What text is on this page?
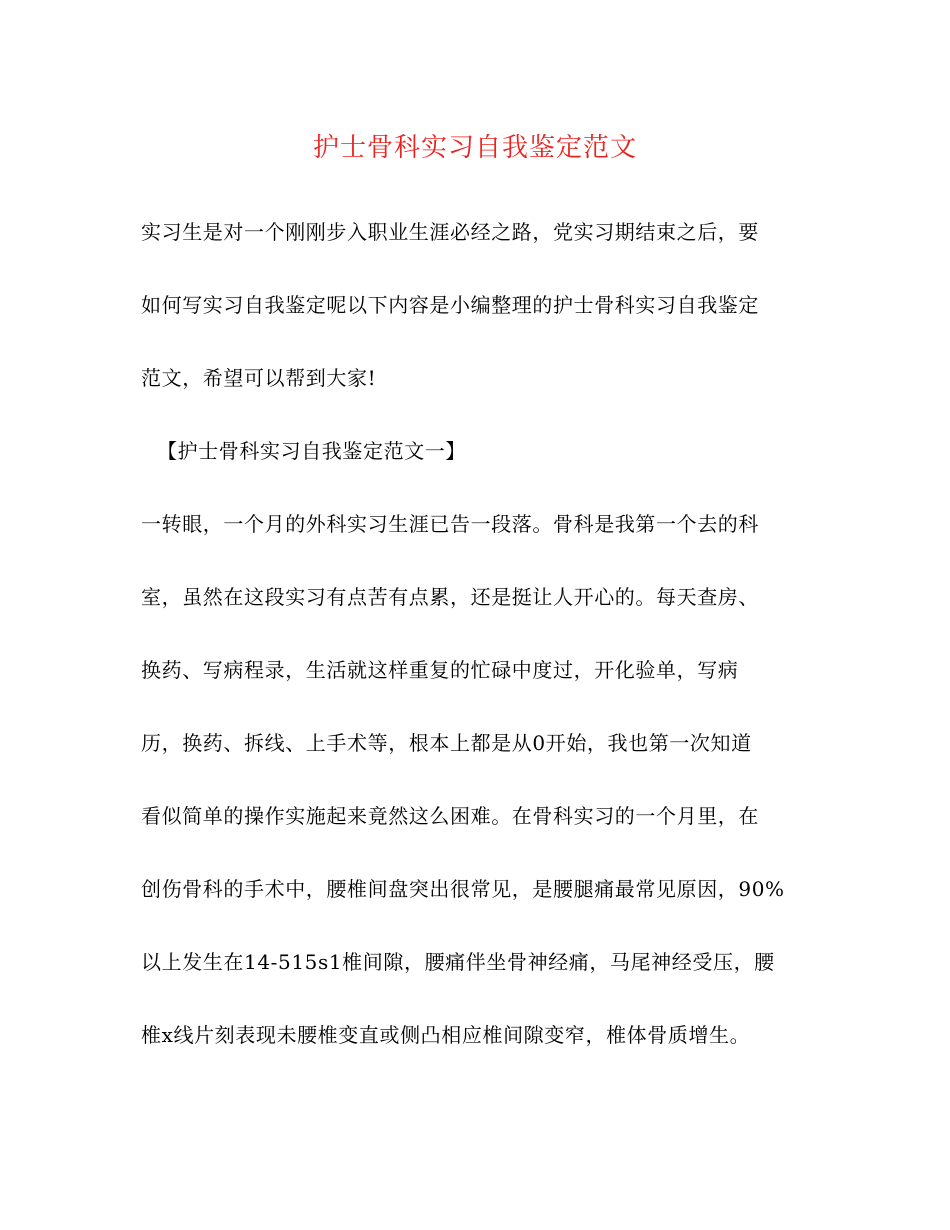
护士骨科实习自我鉴定范文
实习生是对一个刚刚步入职业生涯必经之路，党实习期结束之后，要
如何写实习自我鉴定呢以下内容是小编整理的护士骨科实习自我鉴定
范文，希望可以帮到大家!
【护士骨科实习自我鉴定范文一】
一转眼，一个月的外科实习生涯已告一段落。骨科是我第一个去的科
室，虽然在这段实习有点苦有点累，还是挺让人开心的。每天查房、
换药、写病程录，生活就这样重复的忙碌中度过，开化验单，写病
历，换药、拆线、上手术等，根本上都是从0开始，我也第一次知道
看似简单的操作实施起来竟然这么困难。在骨科实习的一个月里，在
创伤骨科的手术中，腰椎间盘突出很常见，是腰腿痛最常见原因，90%
以上发生在14-515s1椎间隙，腰痛伴坐骨神经痛，马尾神经受压，腰
椎x线片刻表现未腰椎变直或侧凸相应椎间隙变窄，椎体骨质增生。
